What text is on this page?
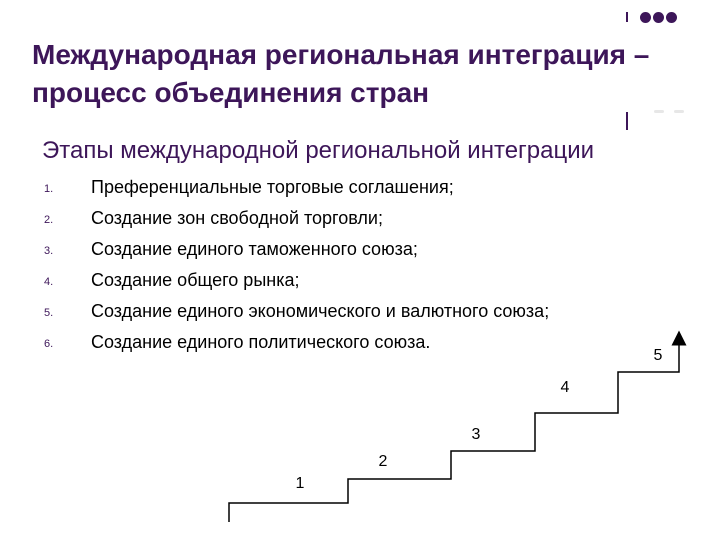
Международная региональная интеграция – процесс объединения стран
Этапы международной региональной интеграции
1.	Преференциальные торговые соглашения;
2.	Создание зон свободной торговли;
3.	Создание единого таможенного союза;
4.	Создание общего рынка;
5.	Создание единого экономического и валютного союза;
6.	Создание единого политического союза.
1
2
3
4
5
